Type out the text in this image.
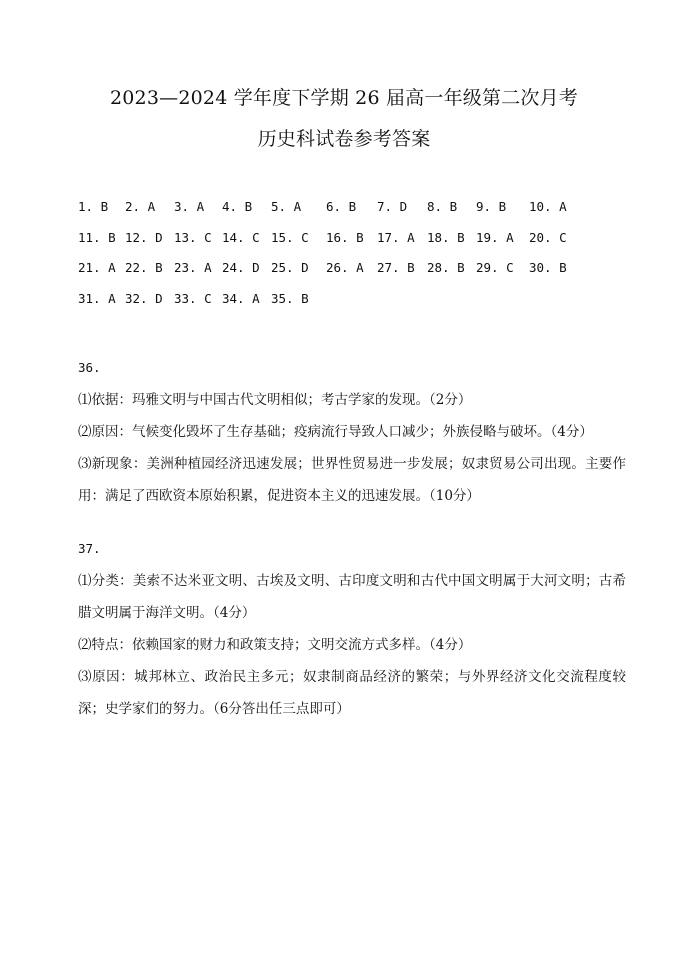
2023—2024 学年度下学期 26 届高一年级第二次月考
历史科试卷参考答案
1. B 2. A 3. A 4. B 5. A 6. B 7. D 8. B 9. B 10. A
11. B 12. D 13. C 14. C 15. C 16. B 17. A 18. B 19. A 20. C
21. A 22. B 23. A 24. D 25. D 26. A 27. B 28. B 29. C 30. B
31. A 32. D 33. C 34. A 35. B
36.
⑴依据：玛雅文明与中国古代文明相似；考古学家的发现。（2分）
⑵原因：气候变化毁坏了生存基础；疫病流行导致人口减少；外族侵略与破坏。（4分）
⑶新现象：美洲种植园经济迅速发展；世界性贸易进一步发展；奴隶贸易公司出现。主要作用：满足了西欧资本原始积累，促进资本主义的迅速发展。（10分）
37.
⑴分类：美索不达米亚文明、古埃及文明、古印度文明和古代中国文明属于大河文明；古希腊文明属于海洋文明。（4分）
⑵特点：依赖国家的财力和政策支持；文明交流方式多样。（4分）
⑶原因：城邦林立、政治民主多元；奴隶制商品经济的繁荣；与外界经济文化交流程度较深；史学家们的努力。（6分答出任三点即可）
